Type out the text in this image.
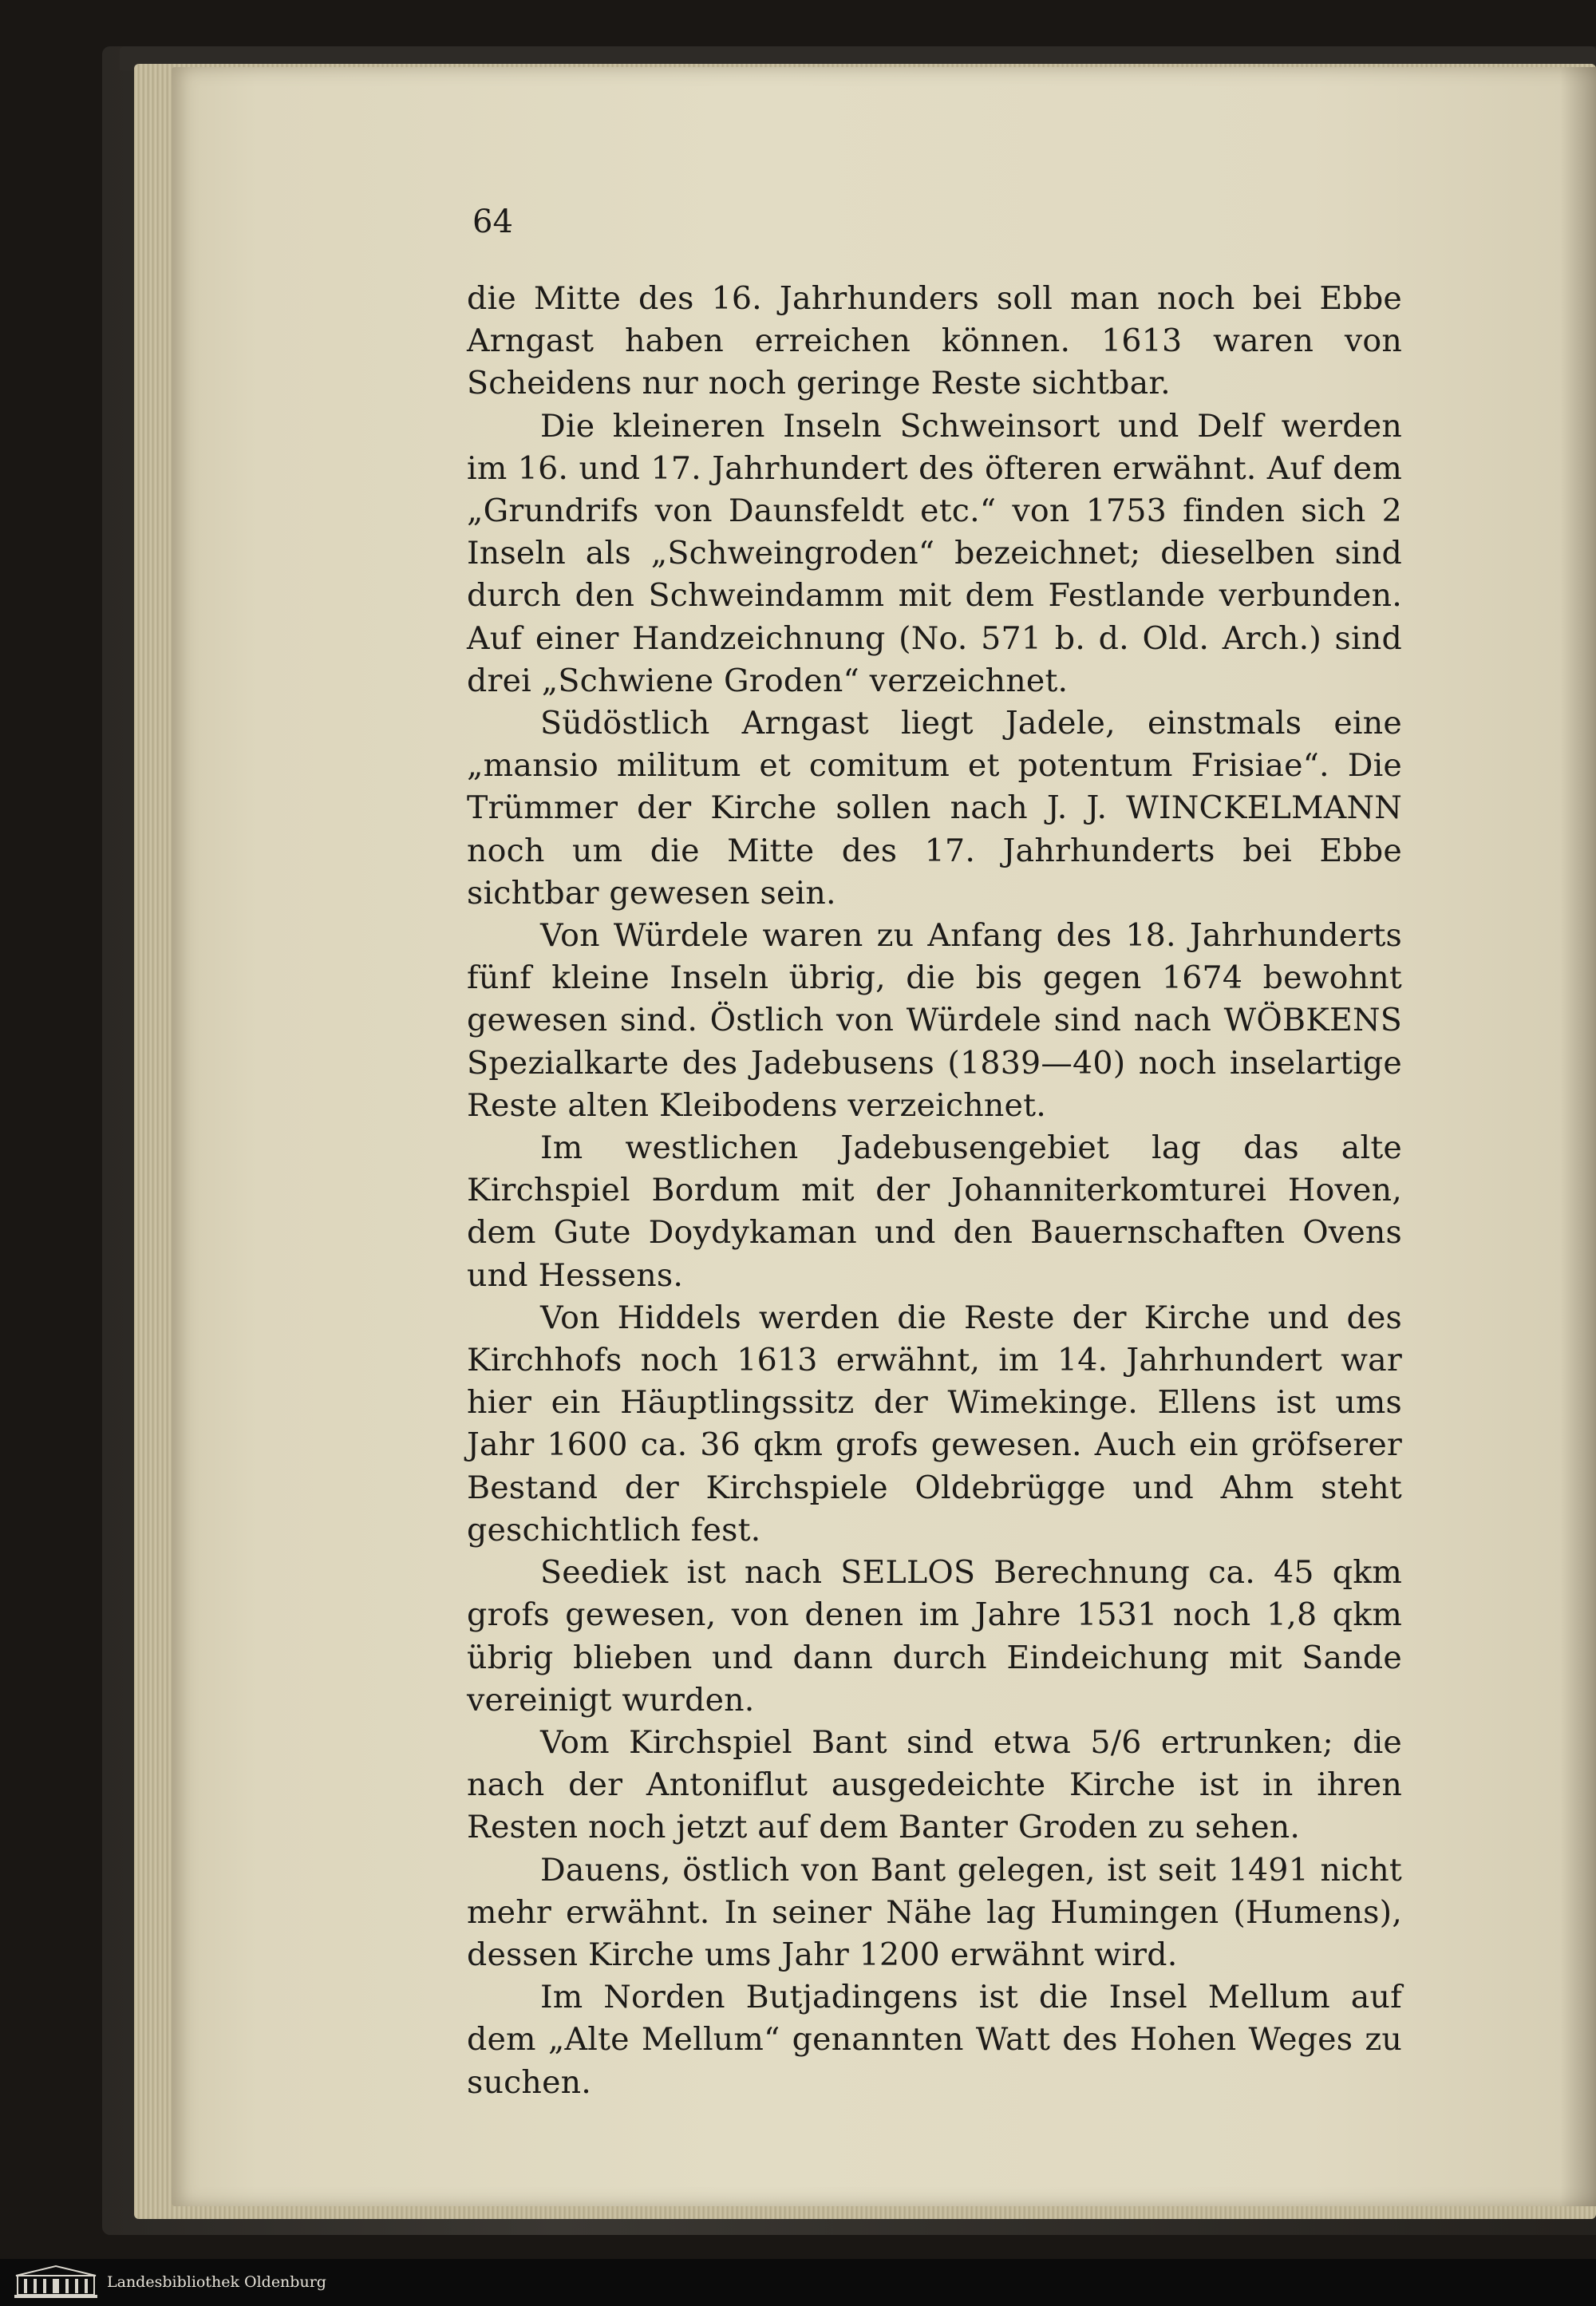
64

die Mitte des 16. Jahrhunders soll man noch bei Ebbe Arngast haben erreichen können. 1613 waren von Scheidens nur noch geringe Reste sichtbar.

Die kleineren Inseln Schweinsort und Delf werden im 16. und 17. Jahrhundert des öfteren erwähnt. Auf dem „Grundrifs von Daunsfeldt etc.“ von 1753 finden sich 2 Inseln als „Schweingroden“ bezeichnet; dieselben sind durch den Schweindamm mit dem Festlande verbunden. Auf einer Handzeichnung (No. 571 b. d. Old. Arch.) sind drei „Schwiene Groden“ verzeichnet.

Südöstlich Arngast liegt Jadele, einstmals eine „mansio militum et comitum et potentum Frisiae“. Die Trümmer der Kirche sollen nach J. J. WINCKELMANN noch um die Mitte des 17. Jahrhunderts bei Ebbe sichtbar gewesen sein.

Von Würdele waren zu Anfang des 18. Jahrhunderts fünf kleine Inseln übrig, die bis gegen 1674 bewohnt gewesen sind. Östlich von Würdele sind nach WÖBKENS Spezialkarte des Jadebusens (1839—40) noch inselartige Reste alten Kleibodens verzeichnet.

Im westlichen Jadebusengebiet lag das alte Kirchspiel Bordum mit der Johanniterkomturei Hoven, dem Gute Doydykaman und den Bauernschaften Ovens und Hessens.

Von Hiddels werden die Reste der Kirche und des Kirchhofs noch 1613 erwähnt, im 14. Jahrhundert war hier ein Häuptlingssitz der Wimekinge. Ellens ist ums Jahr 1600 ca. 36 qkm grofs gewesen. Auch ein gröfserer Bestand der Kirchspiele Oldebrügge und Ahm steht geschichtlich fest.

Seediek ist nach SELLOS Berechnung ca. 45 qkm grofs gewesen, von denen im Jahre 1531 noch 1,8 qkm übrig blieben und dann durch Eindeichung mit Sande vereinigt wurden.

Vom Kirchspiel Bant sind etwa 5/6 ertrunken; die nach der Antoniflut ausgedeichte Kirche ist in ihren Resten noch jetzt auf dem Banter Groden zu sehen.

Dauens, östlich von Bant gelegen, ist seit 1491 nicht mehr erwähnt. In seiner Nähe lag Humingen (Humens), dessen Kirche ums Jahr 1200 erwähnt wird.

Im Norden Butjadingens ist die Insel Mellum auf dem „Alte Mellum“ genannten Watt des Hohen Weges zu suchen.

Landesbibliothek Oldenburg
